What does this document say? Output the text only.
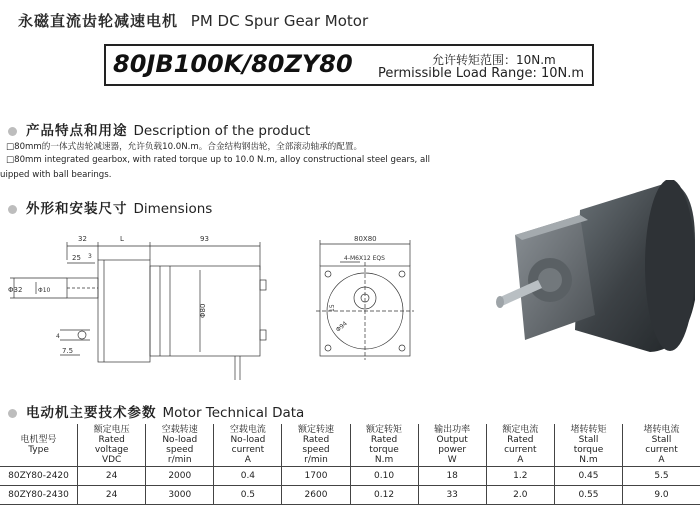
永磁直流齿轮减速电机 PM DC Spur Gear Motor
80JB100K/80ZY80	允许转矩范围：10N.m
Permissible Load Range: 10N.m
产品特点和用途 Description of the product
□80mm的一体式齿轮减速器，允许负载10.0N.m。合金结构钢齿轮，全部滚动轴承的配置。
□80mm integrated gearbox, with rated torque up to 10.0 N.m, alloy constructional steel gears, all
uipped with ball bearings.
外形和安装尺寸 Dimensions
32	L	93
25 3
Φ32	Φ10
4
7.5
Φ80
80X80
4-M6X12 EQS
15
Φ94
电动机主要技术参数 Motor Technical Data
电机型号
Type	额定电压
Rated
voltage
VDC	空载转速
No-load
speed
r/min	空载电流
No-load
current
A	额定转速
Rated
speed
r/min	额定转矩
Rated
torque
N.m	输出功率
Output
power
W	额定电流
Rated
current
A	堵转转矩
Stall
torque
N.m	堵转电流
Stall
current
A

80ZY80-2420	24	2000	0.4	1700	0.10	18	1.2	0.45	5.5
80ZY80-2430	24	3000	0.5	2600	0.12	33	2.0	0.55	9.0
